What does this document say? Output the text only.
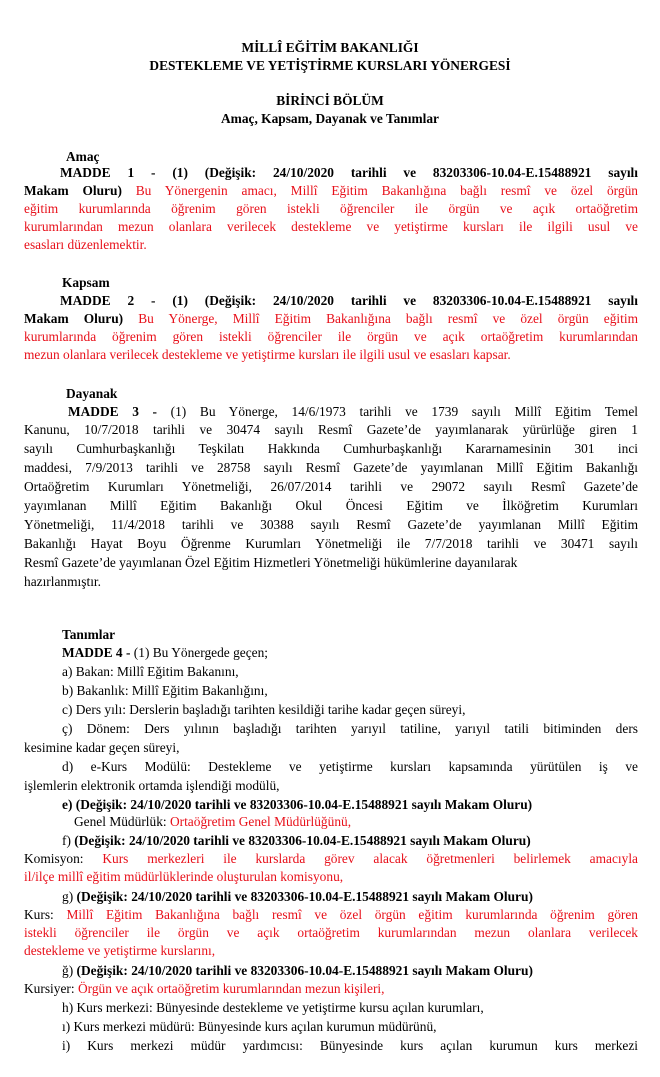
MİLLÎ EĞİTİM BAKANLIĞI
DESTEKLEME VE YETİŞTİRME KURSLARI YÖNERGESİ
BİRİNCİ BÖLÜM
Amaç, Kapsam, Dayanak ve Tanımlar
Amaç
MADDE 1 - (1) (Değişik: 24/10/2020 tarihli ve 83203306-10.04-E.15488921 sayılı
Makam Oluru) Bu Yönergenin amacı, Millî Eğitim Bakanlığına bağlı resmî ve özel örgün
eğitim kurumlarında öğrenim gören istekli öğrenciler ile örgün ve açık ortaöğretim
kurumlarından mezun olanlara verilecek destekleme ve yetiştirme kursları ile ilgili usul ve
esasları düzenlemektir.
Kapsam
MADDE 2 - (1) (Değişik: 24/10/2020 tarihli ve 83203306-10.04-E.15488921 sayılı
Makam Oluru) Bu Yönerge, Millî Eğitim Bakanlığına bağlı resmî ve özel örgün eğitim
kurumlarında öğrenim gören istekli öğrenciler ile örgün ve açık ortaöğretim kurumlarından
mezun olanlara verilecek destekleme ve yetiştirme kursları ile ilgili usul ve esasları kapsar.
Dayanak
MADDE 3 - (1) Bu Yönerge, 14/6/1973 tarihli ve 1739 sayılı Millî Eğitim Temel
Kanunu, 10/7/2018 tarihli ve 30474 sayılı Resmî Gazete’de yayımlanarak yürürlüğe giren 1
sayılı Cumhurbaşkanlığı Teşkilatı Hakkında Cumhurbaşkanlığı Kararnamesinin 301 inci
maddesi, 7/9/2013 tarihli ve 28758 sayılı Resmî Gazete’de yayımlanan Millî Eğitim Bakanlığı
Ortaöğretim Kurumları Yönetmeliği, 26/07/2014 tarihli ve 29072 sayılı Resmî Gazete’de
yayımlanan Millî Eğitim Bakanlığı Okul Öncesi Eğitim ve İlköğretim Kurumları
Yönetmeliği, 11/4/2018 tarihli ve 30388 sayılı Resmî Gazete’de yayımlanan Millî Eğitim
Bakanlığı Hayat Boyu Öğrenme Kurumları Yönetmeliği ile 7/7/2018 tarihli ve 30471 sayılı
Resmî Gazete’de yayımlanan Özel Eğitim Hizmetleri Yönetmeliği hükümlerine dayanılarak
hazırlanmıştır.
Tanımlar
MADDE 4 - (1) Bu Yönergede geçen;
a) Bakan: Millî Eğitim Bakanını,
b) Bakanlık: Millî Eğitim Bakanlığını,
c) Ders yılı: Derslerin başladığı tarihten kesildiği tarihe kadar geçen süreyi,
ç) Dönem: Ders yılının başladığı tarihten yarıyıl tatiline, yarıyıl tatili bitiminden ders
kesimine kadar geçen süreyi,
d) e-Kurs Modülü: Destekleme ve yetiştirme kursları kapsamında yürütülen iş ve
işlemlerin elektronik ortamda işlendiği modülü,
e) (Değişik: 24/10/2020 tarihli ve 83203306-10.04-E.15488921 sayılı Makam Oluru)
Genel Müdürlük: Ortaöğretim Genel Müdürlüğünü,
f) (Değişik: 24/10/2020 tarihli ve 83203306-10.04-E.15488921 sayılı Makam Oluru)
Komisyon: Kurs merkezleri ile kurslarda görev alacak öğretmenleri belirlemek amacıyla
il/ilçe millî eğitim müdürlüklerinde oluşturulan komisyonu,
g) (Değişik: 24/10/2020 tarihli ve 83203306-10.04-E.15488921 sayılı Makam Oluru)
Kurs: Millî Eğitim Bakanlığına bağlı resmî ve özel örgün eğitim kurumlarında öğrenim gören
istekli öğrenciler ile örgün ve açık ortaöğretim kurumlarından mezun olanlara verilecek
destekleme ve yetiştirme kurslarını,
ğ) (Değişik: 24/10/2020 tarihli ve 83203306-10.04-E.15488921 sayılı Makam Oluru)
Kursiyer: Örgün ve açık ortaöğretim kurumlarından mezun kişileri,
h) Kurs merkezi: Bünyesinde destekleme ve yetiştirme kursu açılan kurumları,
ı) Kurs merkezi müdürü: Bünyesinde kurs açılan kurumun müdürünü,
i) Kurs merkezi müdür yardımcısı: Bünyesinde kurs açılan kurumun kurs merkezi
